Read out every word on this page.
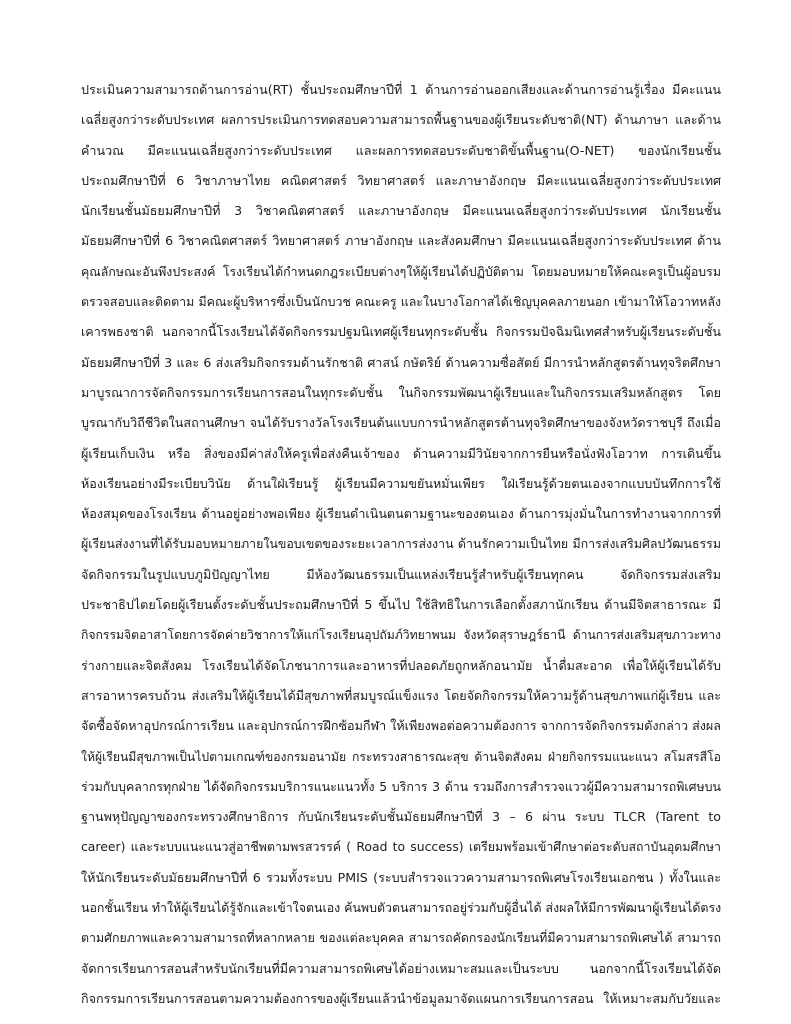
ประเมินความสามารถด้านการอ่าน(RT) ชั้นประถมศึกษาปีที่ 1 ด้านการอ่านออกเสียงและด้านการอ่านรู้เรื่อง มีคะแนน
เฉลี่ยสูงกว่าระดับประเทศ ผลการประเมินการทดสอบความสามารถพื้นฐานของผู้เรียนระดับชาติ(NT) ด้านภาษา และด้าน
คำนวณ มีคะแนนเฉลี่ยสูงกว่าระดับประเทศ และผลการทดสอบระดับชาติขั้นพื้นฐาน(O-NET) ของนักเรียนชั้น
ประถมศึกษาปีที่ 6 วิชาภาษาไทย คณิตศาสตร์ วิทยาศาสตร์ และภาษาอังกฤษ มีคะแนนเฉลี่ยสูงกว่าระดับประเทศ
นักเรียนชั้นมัธยมศึกษาปีที่ 3 วิชาคณิตศาสตร์ และภาษาอังกฤษ มีคะแนนเฉลี่ยสูงกว่าระดับประเทศ นักเรียนชั้น
มัธยมศึกษาปีที่ 6 วิชาคณิตศาสตร์ วิทยาศาสตร์ ภาษาอังกฤษ และสังคมศึกษา มีคะแนนเฉลี่ยสูงกว่าระดับประเทศ ด้าน
คุณลักษณะอันพึงประสงค์ โรงเรียนได้กำหนดกฎระเบียบต่างๆให้ผู้เรียนได้ปฏิบัติตาม โดยมอบหมายให้คณะครูเป็นผู้อบรม
ตรวจสอบและติดตาม มีคณะผู้บริหารซึ่งเป็นนักบวช คณะครู และในบางโอกาสได้เชิญบุคคลภายนอก เข้ามาให้โอวาทหลัง
เคารพธงชาติ นอกจากนี้โรงเรียนได้จัดกิจกรรมปฐมนิเทศผู้เรียนทุกระดับชั้น กิจกรรมปัจฉิมนิเทศสำหรับผู้เรียนระดับชั้น
มัธยมศึกษาปีที่ 3 และ 6 ส่งเสริมกิจกรรมด้านรักชาติ ศาสน์ กษัตริย์ ด้านความซื่อสัตย์ มีการนำหลักสูตรต้านทุจริตศึกษา
มาบูรณาการจัดกิจกรรมการเรียนการสอนในทุกระดับชั้น ในกิจกรรมพัฒนาผู้เรียนและในกิจกรรมเสริมหลักสูตร โดย
บูรณากับวิถีชีวิตในสถานศึกษา จนได้รับรางวัลโรงเรียนต้นแบบการนำหลักสูตรต้านทุจริตศึกษาของจังหวัดราชบุรี ถึงเมื่อ
ผู้เรียนเก็บเงิน หรือ สิ่งของมีค่าส่งให้ครูเพื่อส่งคืนเจ้าของ ด้านความมีวินัยจากการยืนหรือนั่งฟังโอวาท การเดินขึ้น
ห้องเรียนอย่างมีระเบียบวินัย ด้านใฝ่เรียนรู้ ผู้เรียนมีความขยันหมั่นเพียร ใฝ่เรียนรู้ด้วยตนเองจากแบบบันทึกการใช้
ห้องสมุดของโรงเรียน ด้านอยู่อย่างพอเพียง ผู้เรียนดำเนินตนตามฐานะของตนเอง ด้านการมุ่งมั่นในการทำงานจากการที่
ผู้เรียนส่งงานที่ได้รับมอบหมายภายในขอบเขตของระยะเวลาการส่งงาน ด้านรักความเป็นไทย มีการส่งเสริมศิลปวัฒนธรรม
จัดกิจกรรมในรูปแบบภูมิปัญญาไทย มีห้องวัฒนธรรมเป็นแหล่งเรียนรู้สำหรับผู้เรียนทุกคน จัดกิจกรรมส่งเสริม
ประชาธิปไตยโดยผู้เรียนตั้งระดับชั้นประถมศึกษาปีที่ 5 ขึ้นไป ใช้สิทธิในการเลือกตั้งสภานักเรียน ด้านมีจิตสาธารณะ มี
กิจกรรมจิตอาสาโดยการจัดค่ายวิชาการให้แก่โรงเรียนอุปถัมภ์วิทยาพนม จังหวัดสุราษฎร์ธานี ด้านการส่งเสริมสุขภาวะทาง
ร่างกายและจิตสังคม โรงเรียนได้จัดโภชนาการและอาหารที่ปลอดภัยถูกหลักอนามัย น้ำดื่มสะอาด เพื่อให้ผู้เรียนได้รับ
สารอาหารครบถ้วน ส่งเสริมให้ผู้เรียนได้มีสุขภาพที่สมบูรณ์แข็งแรง โดยจัดกิจกรรมให้ความรู้ด้านสุขภาพแก่ผู้เรียน และ
จัดซื้อจัดหาอุปกรณ์การเรียน และอุปกรณ์การฝึกซ้อมกีฬา ให้เพียงพอต่อความต้องการ จากการจัดกิจกรรมดังกล่าว ส่งผล
ให้ผู้เรียนมีสุขภาพเป็นไปตามเกณฑ์ของกรมอนามัย กระทรวงสาธารณะสุข ด้านจิตสังคม ฝ่ายกิจกรรมแนะแนว สโมสรสีโอ
ร่วมกับบุคลากรทุกฝ่าย ได้จัดกิจกรรมบริการแนะแนวทั้ง 5 บริการ 3 ด้าน รวมถึงการสำรวจแววผู้มีความสามารถพิเศษบน
ฐานพหุปัญญาของกระทรวงศึกษาธิการ กับนักเรียนระดับชั้นมัธยมศึกษาปีที่ 3 – 6 ผ่าน ระบบ TLCR (Tarent to
career) และระบบแนะแนวสู่อาชีพตามพรสวรรค์ ( Road to success) เตรียมพร้อมเข้าศึกษาต่อระดับสถาบันอุดมศึกษา
ให้นักเรียนระดับมัธยมศึกษาปีที่ 6 รวมทั้งระบบ PMIS (ระบบสำรวจแววความสามารถพิเศษโรงเรียนเอกชน ) ทั้งในและ
นอกชั้นเรียน ทำให้ผู้เรียนได้รู้จักและเข้าใจตนเอง ค้นพบตัวตนสามารถอยู่ร่วมกับผู้อื่นได้ ส่งผลให้มีการพัฒนาผู้เรียนได้ตรง
ตามศักยภาพและความสามารถที่หลากหลาย ของแต่ละบุคคล สามารถคัดกรองนักเรียนที่มีความสามารถพิเศษได้ สามารถ
จัดการเรียนการสอนสำหรับนักเรียนที่มีความสามารถพิเศษได้อย่างเหมาะสมและเป็นระบบ นอกจากนี้โรงเรียนได้จัด
กิจกรรมการเรียนการสอนตามความต้องการของผู้เรียนแล้วนำข้อมูลมาจัดแผนการเรียนการสอน ให้เหมาะสมกับวัยและ
